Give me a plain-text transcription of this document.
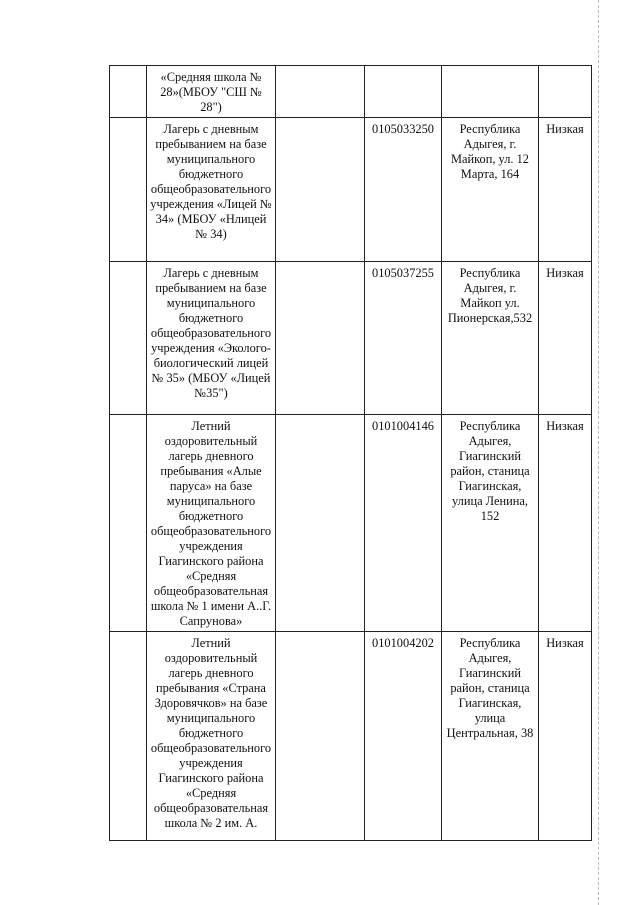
	«Средняя школа № 28»(МБОУ "СШ № 28")				
	Лагерь с дневным пребыванием на базе муниципального бюджетного общеобразовательного учреждения «Лицей № 34» (МБОУ «Нлицей № 34)		0105033250	Республика Адыгея, г. Майкоп, ул. 12 Марта, 164	Низкая
	Лагерь с дневным пребыванием на базе муниципального бюджетного общеобразовательного учреждения «Эколого-биологический лицей № 35» (МБОУ «Лицей №35")		0105037255	Республика Адыгея, г. Майкоп ул. Пионерская,532	Низкая
	Летний оздоровительный лагерь дневного пребывания «Алые паруса» на базе муниципального бюджетного общеобразовательного учреждения Гиагинского района «Средняя общеобразовательная школа № 1 имени А..Г. Сапрунова»		0101004146	Республика Адыгея, Гиагинский район, станица Гиагинская, улица Ленина, 152	Низкая
	Летний оздоровительный лагерь дневного пребывания «Страна Здоровячков» на базе муниципального бюджетного общеобразовательного учреждения Гиагинского района «Средняя общеобразовательная школа № 2 им. А.		0101004202	Республика Адыгея, Гиагинский район, станица Гиагинская, улица Центральная, 38	Низкая
